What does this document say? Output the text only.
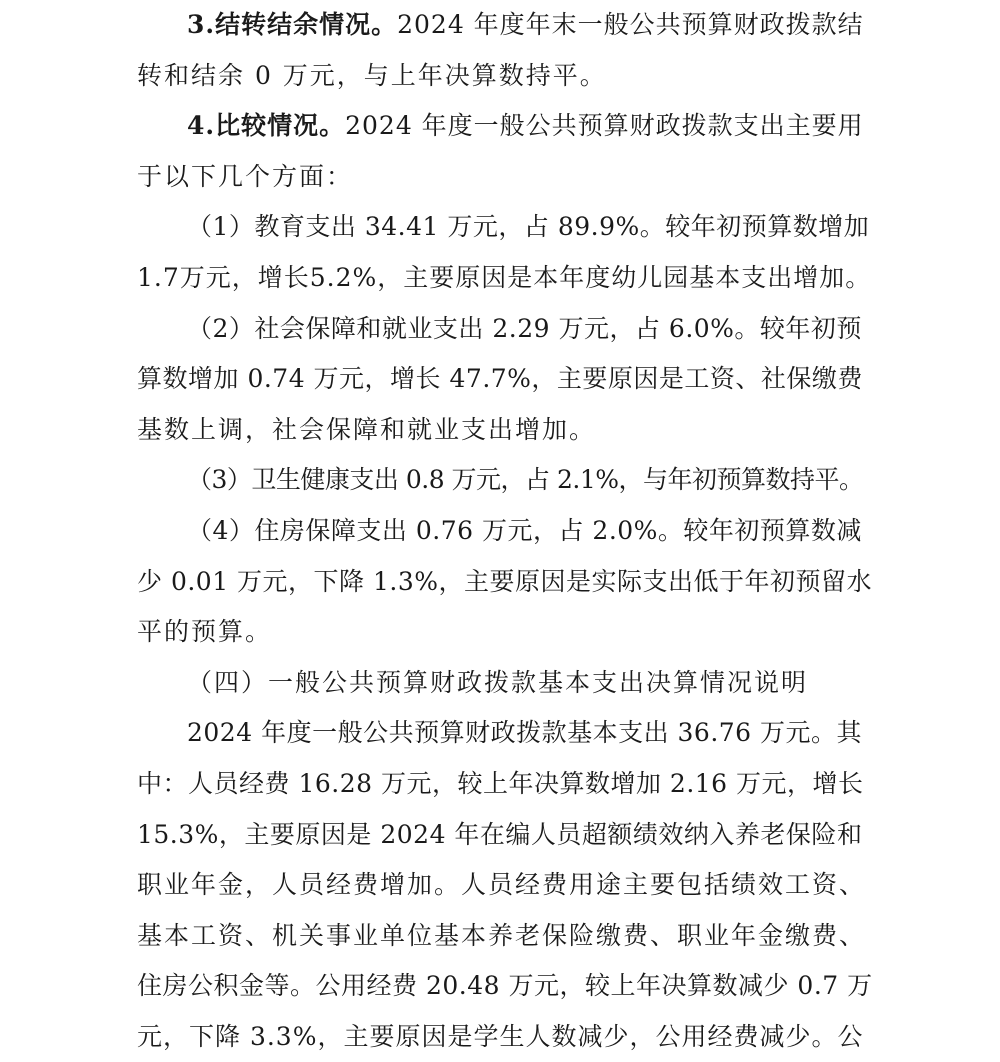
3.结转结余情况。2024 年度年末一般公共预算财政拨款结
转和结余 0 万元，与上年决算数持平。
4.比较情况。2024 年度一般公共预算财政拨款支出主要用
于以下几个方面：
（1）教育支出 34.41 万元，占 89.9%。较年初预算数增加
1.7万元，增长5.2%，主要原因是本年度幼儿园基本支出增加。
（2）社会保障和就业支出 2.29 万元，占 6.0%。较年初预
算数增加 0.74 万元，增长 47.7%，主要原因是工资、社保缴费
基数上调，社会保障和就业支出增加。
（3）卫生健康支出 0.8 万元，占 2.1%，与年初预算数持平。
（4）住房保障支出 0.76 万元，占 2.0%。较年初预算数减
少 0.01 万元，下降 1.3%，主要原因是实际支出低于年初预留水
平的预算。
（四）一般公共预算财政拨款基本支出决算情况说明
2024 年度一般公共预算财政拨款基本支出 36.76 万元。其
中：人员经费 16.28 万元，较上年决算数增加 2.16 万元，增长
15.3%，主要原因是 2024 年在编人员超额绩效纳入养老保险和
职业年金，人员经费增加。人员经费用途主要包括绩效工资、
基本工资、机关事业单位基本养老保险缴费、职业年金缴费、
住房公积金等。公用经费 20.48 万元，较上年决算数减少 0.7 万
元，下降 3.3%，主要原因是学生人数减少，公用经费减少。公
